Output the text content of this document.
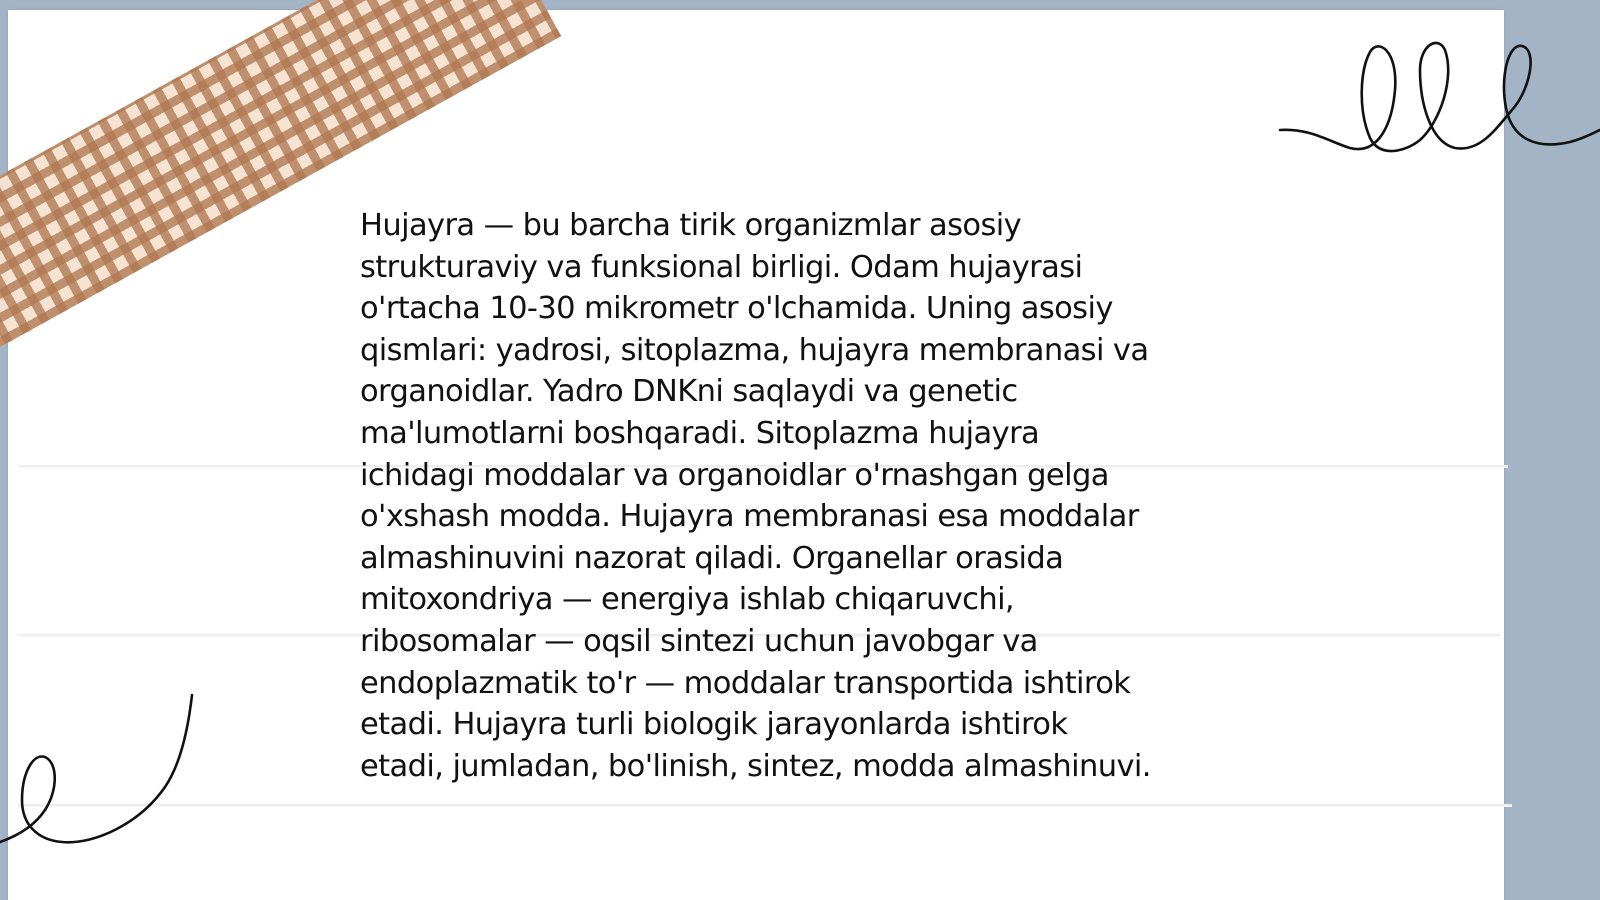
Hujayra — bu barcha tirik organizmlar asosiy
strukturaviy va funksional birligi. Odam hujayrasi
o'rtacha 10-30 mikrometr o'lchamida. Uning asosiy
qismlari: yadrosi, sitoplazma, hujayra membranasi va
organoidlar. Yadro DNKni saqlaydi va genetic
ma'lumotlarni boshqaradi. Sitoplazma hujayra
ichidagi moddalar va organoidlar o'rnashgan gelga
o'xshash modda. Hujayra membranasi esa moddalar
almashinuvini nazorat qiladi. Organellar orasida
mitoxondriya — energiya ishlab chiqaruvchi,
ribosomalar — oqsil sintezi uchun javobgar va
endoplazmatik to'r — moddalar transportida ishtirok
etadi. Hujayra turli biologik jarayonlarda ishtirok
etadi, jumladan, bo'linish, sintez, modda almashinuvi.
